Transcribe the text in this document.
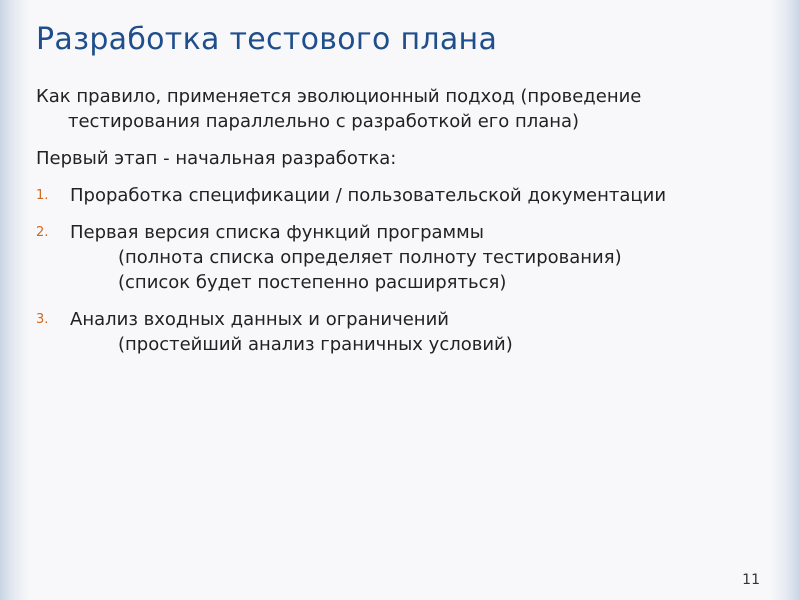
Разработка тестового плана

Как правило, применяется эволюционный подход (проведение
тестирования параллельно с разработкой его плана)

Первый этап - начальная разработка:

1. Проработка спецификации / пользовательской документации
2. Первая версия списка функций программы
(полнота списка определяет полноту тестирования)
(список будет постепенно расширяться)
3. Анализ входных данных и ограничений
(простейший анализ граничных условий)
11
